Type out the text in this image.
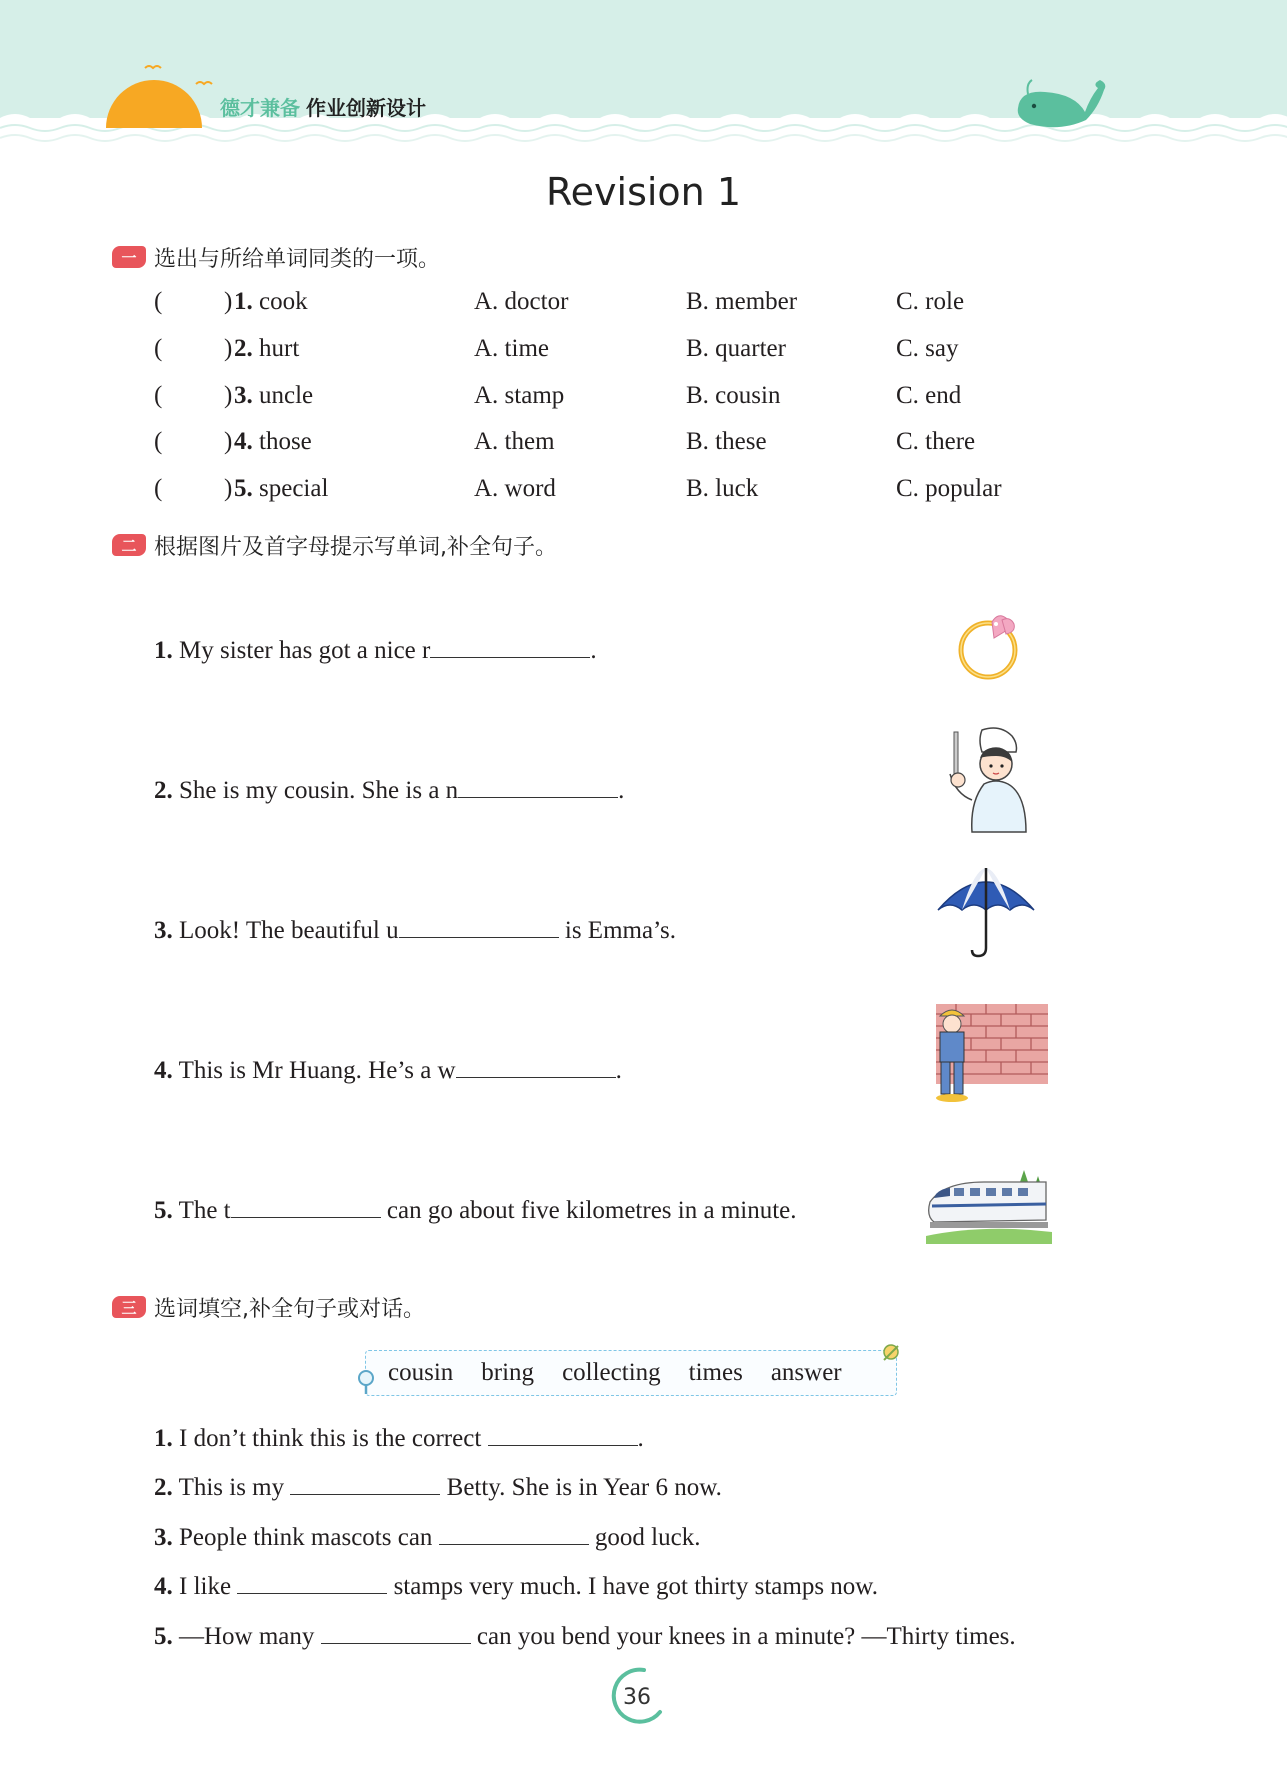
德才兼备 作业创新设计
Revision 1
一 选出与所给单词同类的一项。
( ) 1. cook	A. doctor	B. member	C. role
( ) 2. hurt	A. time	B. quarter	C. say
( ) 3. uncle	A. stamp	B. cousin	C. end
( ) 4. those	A. them	B. these	C. there
( ) 5. special	A. word	B. luck	C. popular
二 根据图片及首字母提示写单词,补全句子。
1. My sister has got a nice r	.
2. She is my cousin. She is a n	.
3. Look! The beautiful u	is Emma’s.
4. This is Mr Huang. He’s a w	.
5. The t	can go about five kilometres in a minute.
三 选词填空,补全句子或对话。
cousin bring collecting times answer
1. I don’t think this is the correct	.
2. This is my	Betty. She is in Year 6 now.
3. People think mascots can	good luck.
4. I like	stamps very much. I have got thirty stamps now.
5. —How many	can you bend your knees in a minute? —Thirty times.
36
